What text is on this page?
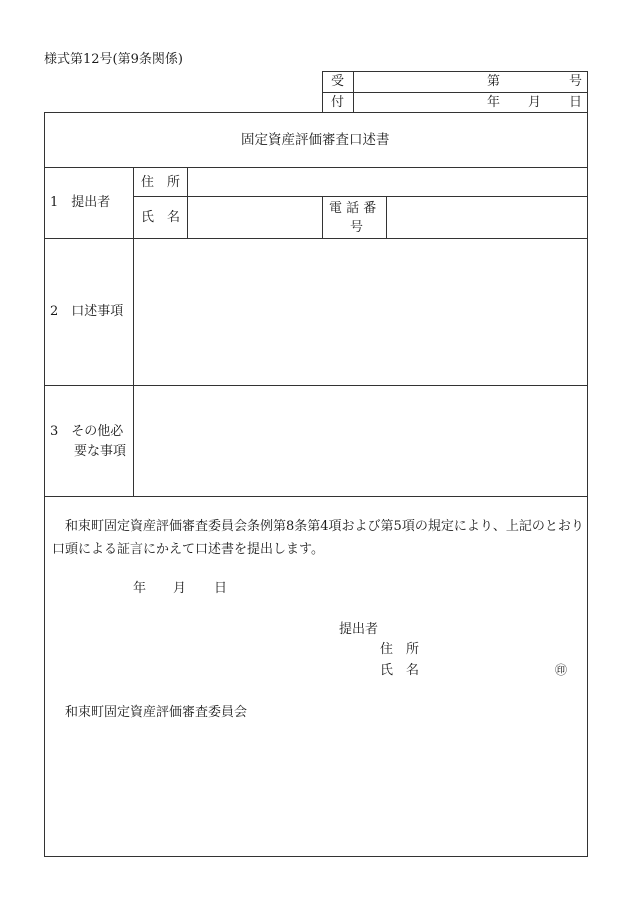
様式第12号(第9条関係)
受
付
第	号
年 月 日
固定資産評価審査口述書
1　提出者
住　所
氏　名
電 話 番
号
2　口述事項
3　その他必
要な事項
和束町固定資産評価審査委員会条例第8条第4項および第5項の規定により、上記のとおり口頭による証言にかえて口述書を提出します。
年 月 日
提出者
住　所
氏　名	㊞
和束町固定資産評価審査委員会
